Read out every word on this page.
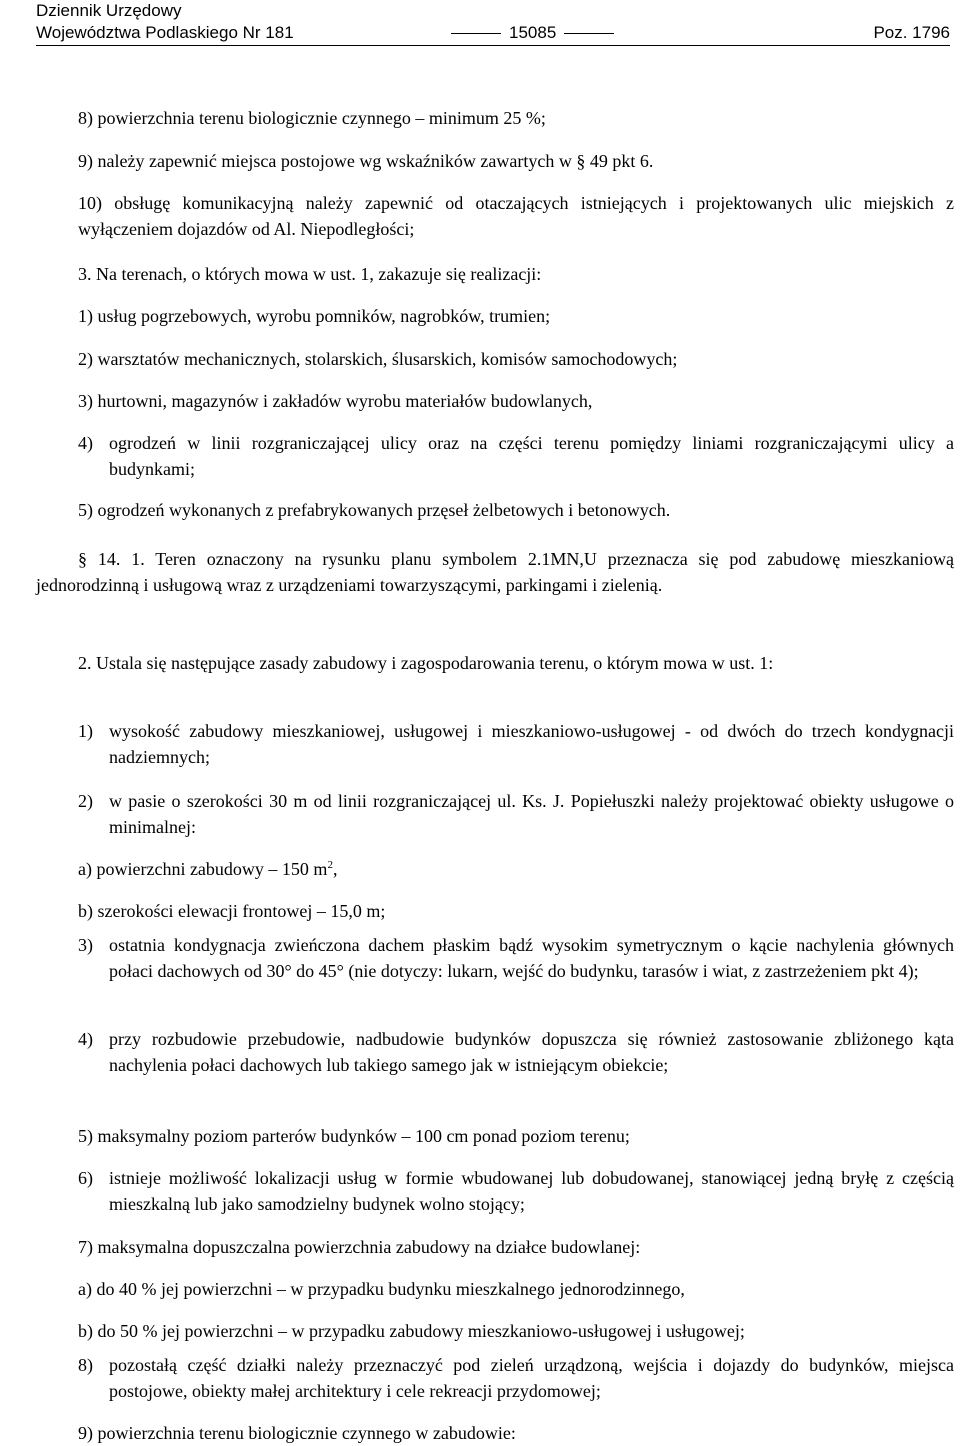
Dziennik Urzędowy
Województwa Podlaskiego Nr 181	15085	Poz. 1796

8) powierzchnia terenu biologicznie czynnego – minimum 25 %;

9) należy zapewnić miejsca postojowe wg wskaźników zawartych w § 49 pkt 6.

10) obsługę komunikacyjną należy zapewnić od otaczających istniejących i projektowanych ulic miejskich z wyłączeniem dojazdów od Al. Niepodległości;

3. Na terenach, o których mowa w ust. 1, zakazuje się realizacji:

1) usług pogrzebowych, wyrobu pomników, nagrobków, trumien;

2) warsztatów mechanicznych, stolarskich, ślusarskich, komisów samochodowych;

3) hurtowni, magazynów i zakładów wyrobu materiałów budowlanych,

4) ogrodzeń w linii rozgraniczającej ulicy oraz na części terenu pomiędzy liniami rozgraniczającymi ulicy a budynkami;

5) ogrodzeń wykonanych z prefabrykowanych przęseł żelbetowych i betonowych.

§ 14. 1. Teren oznaczony na rysunku planu symbolem 2.1MN,U przeznacza się pod zabudowę mieszkaniową jednorodzinną i usługową wraz z urządzeniami towarzyszącymi, parkingami i zielenią.

2. Ustala się następujące zasady zabudowy i zagospodarowania terenu, o którym mowa w ust. 1:

1) wysokość zabudowy mieszkaniowej, usługowej i mieszkaniowo-usługowej - od dwóch do trzech kondygnacji nadziemnych;

2) w pasie o szerokości 30 m od linii rozgraniczającej ul. Ks. J. Popiełuszki należy projektować obiekty usługowe o minimalnej:

a) powierzchni zabudowy – 150 $m^2$,

b) szerokości elewacji frontowej – 15,0 m;

3) ostatnia kondygnacja zwieńczona dachem płaskim bądź wysokim symetrycznym o kącie nachylenia głównych połaci dachowych od 30° do 45° (nie dotyczy: lukarn, wejść do budynku, tarasów i wiat, z zastrzeżeniem pkt 4);

4) przy rozbudowie przebudowie, nadbudowie budynków dopuszcza się również zastosowanie zbliżonego kąta nachylenia połaci dachowych lub takiego samego jak w istniejącym obiekcie;

5) maksymalny poziom parterów budynków – 100 cm ponad poziom terenu;

6) istnieje możliwość lokalizacji usług w formie wbudowanej lub dobudowanej, stanowiącej jedną bryłę z częścią mieszkalną lub jako samodzielny budynek wolno stojący;

7) maksymalna dopuszczalna powierzchnia zabudowy na działce budowlanej:

a) do 40 % jej powierzchni – w przypadku budynku mieszkalnego jednorodzinnego,

b) do 50 % jej powierzchni – w przypadku zabudowy mieszkaniowo-usługowej i usługowej;

8) pozostałą część działki należy przeznaczyć pod zieleń urządzoną, wejścia i dojazdy do budynków, miejsca postojowe, obiekty małej architektury i cele rekreacji przydomowej;

9) powierzchnia terenu biologicznie czynnego w zabudowie:
